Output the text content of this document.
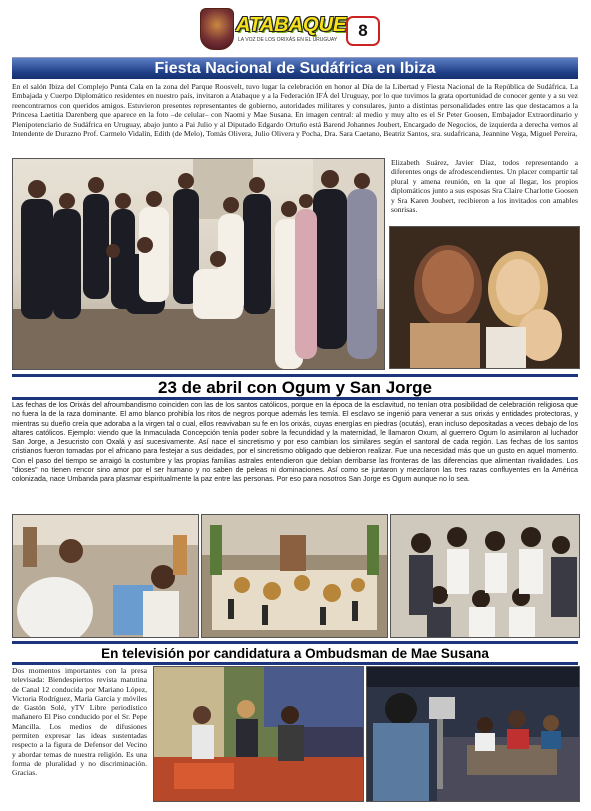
ATABAQUE
LA VOZ DE LOS ORIXÁS EN EL URUGUAY	8
Fiesta Nacional de Sudáfrica en Ibiza
En el salón Ibiza del Complejo Punta Cala en la zona del Parque Roosvelt, tuvo lugar la celebración en honor al Día de la Libertad y Fiesta Nacional de la República de Sudáfrica. La Embajada y Cuerpo Diplomático residentes en nuestro país, invitaron a Atabaque y a la Federación IFÁ del Uruguay, por lo que tuvimos la grata oportunidad de conocer gente y a su vez reencontrarnos con queridos amigos. Estuvieron presentes representantes de gobierno, autoridades militares y consulares, junto a distintas personalidades entre las que destacamos a la Princesa Laetitia Darenberg que aparece en la foto –de celular– con Naomi y Mae Susana. En imagen central: al medio y muy alto es el Sr Peter Goosen, Embajador Extraordinario y Plenipotenciario de Sudáfrica en Uruguay, abajo junto a Pai Julio y al Diputado Edgardo Ortuño está Barend Johannes Joubert, Encargado de Negocios, de izquierda a derecha vemos al Intendente de Durazno Prof. Carmelo Vidalín, Edith (de Melo), Tomás Olivera, Julio Olivera y Pocha, Dra. Sara Caetano, Beatriz Santos, sra. sudafricana, Jeannine Vega, Miguel Pereira,
Elizabeth Suárez, Javier Díaz, todos representando a diferentes ongs de afrodescendientes. Un placer compartir tal plural y amena reunión, en la que al llegar, los propios diplomáticos junto a sus esposas Sra Claire Charlotte Goosen y Sra Karen Joubert, recibieron a los invitados con amables sonrisas.
23 de abril con Ogum y San Jorge
Las fechas de los Orixás del afroumbandismo coinciden con las de los santos católicos, porque en la época de la esclavitud, no tenían otra posibilidad de celebración religiosa que no fuera la de la raza dominante. El amo blanco prohibía los ritos de negros porque además les temía. El esclavo se ingenió para venerar a sus orixás y entidades protectoras, y mientras su dueño creía que adoraba a la virgen tal o cual, ellos reavivaban su fe en los orixás, cuyas energías en piedras (ocutás), eran incluso depositadas a veces debajo de los altares católicos. Ejemplo: viendo que la Inmaculada Concepción tenía poder sobre la fecundidad y la maternidad, le llamaron Oxum, al guerrero Ogum lo asimilaron al luchador San Jorge, a Jesucristo con Oxalá y así sucesivamente. Así nace el sincretismo y por eso cambian los similares según el santoral de cada región. Las fechas de los santos cristianos fueron tomadas por el africano para festejar a sus deidades, por el sincretismo obligado que debieron realizar. Fue una necesidad más que un gusto en aquel momento. Con el paso del tiempo se arraigó la costumbre y las propias familias astrales entendieron que debían derribarse las fronteras de las diferencias que alimentan rivalidades. Los "dioses" no tienen rencor sino amor por el ser humano y no saben de peleas ni dominaciones. Así como se juntaron y mezclaron las tres razas confluyentes en la América colonizada, nace Umbanda para plasmar espiritualmente la paz entre las personas. Por eso para nosotros San Jorge es Ogum aunque no lo sea.
En televisión por candidatura a Ombudsman de Mae Susana
Dos momentos importantes con la presa televisada: Biendespiertos revista matutina de Canal 12 conducida por Mariano López, Victoria Rodríguez, María García y móviles de Gastón Solé, yTV Libre periodístico mañanero El Piso conducido por el Sr. Pepe Mancilla. Los medios de difusiones permiten expresar las ideas sustentadas respecto a la figura de Defensor del Vecino y abordar temas de nuestra religión. Es una forma de pluralidad y no discriminación. Gracias.
